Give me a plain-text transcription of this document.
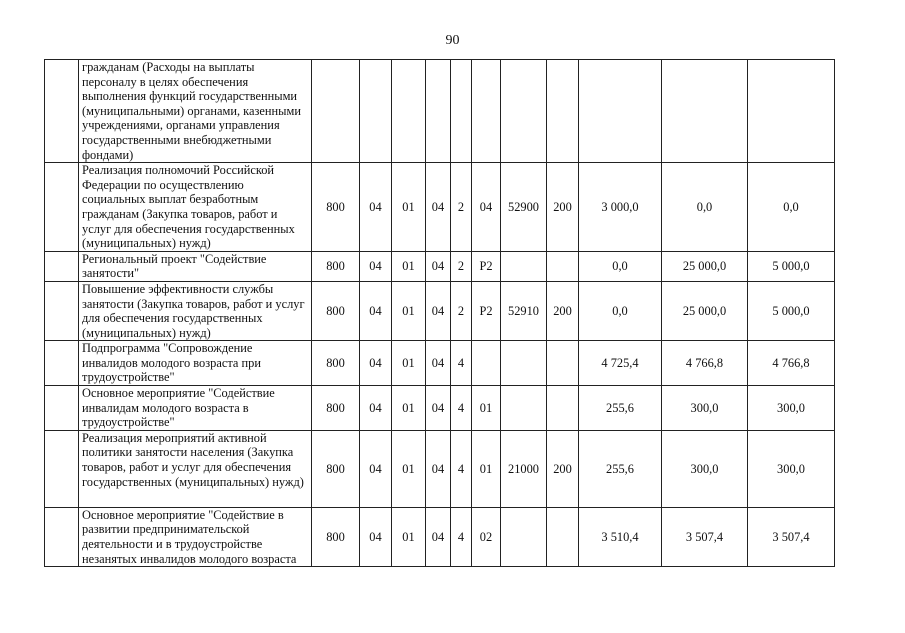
90
	гражданам (Расходы на выплаты персоналу в целях обеспечения выполнения функций государственными (муниципальными) органами, казенными учреждениями, органами управления государственными внебюджетными фондами)											
	Реализация полномочий Российской Федерации по осуществлению социальных выплат безработным гражданам (Закупка товаров, работ и услуг для обеспечения государственных (муниципальных) нужд)	800	04	01	04	2	04	52900	200	3 000,0	0,0	0,0
	Региональный проект "Содействие занятости"	800	04	01	04	2	Р2			0,0	25 000,0	5 000,0
	Повышение эффективности службы занятости (Закупка товаров, работ и услуг для обеспечения государственных (муниципальных) нужд)	800	04	01	04	2	Р2	52910	200	0,0	25 000,0	5 000,0
	Подпрограмма "Сопровождение инвалидов молодого возраста при трудоустройстве"	800	04	01	04	4				4 725,4	4 766,8	4 766,8
	Основное мероприятие "Содействие инвалидам молодого возраста в трудоустройстве"	800	04	01	04	4	01			255,6	300,0	300,0
	Реализация мероприятий активной политики занятости населения (Закупка товаров, работ и услуг для обеспечения государственных (муниципальных) нужд)	800	04	01	04	4	01	21000	200	255,6	300,0	300,0
	Основное мероприятие "Содействие в развитии предпринимательской деятельности и в трудоустройстве незанятых инвалидов молодого возраста	800	04	01	04	4	02			3 510,4	3 507,4	3 507,4
